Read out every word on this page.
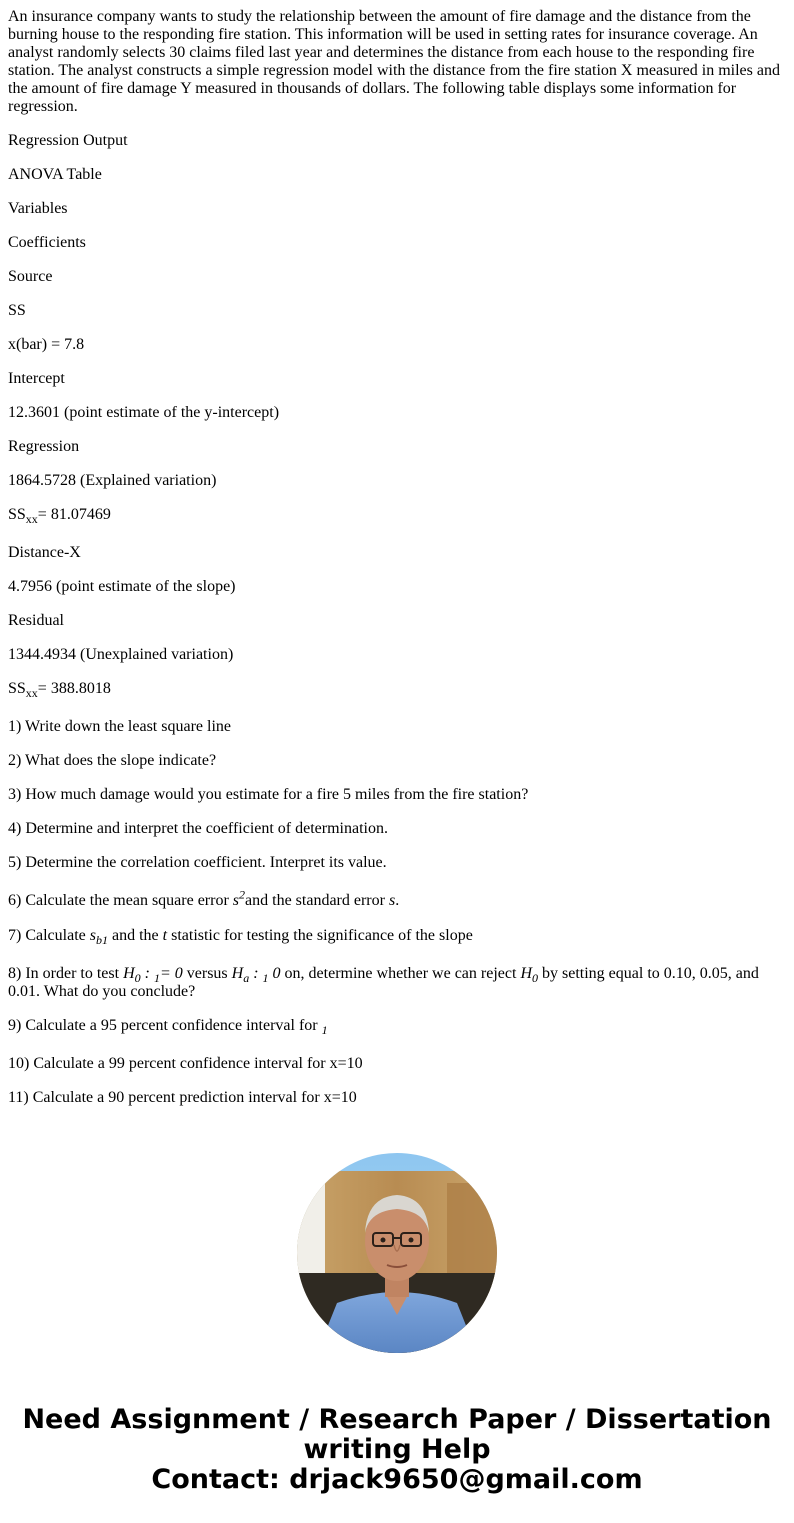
An insurance company wants to study the relationship between the amount of fire damage and the distance from the burning house to the responding fire station. This information will be used in setting rates for insurance coverage. An analyst randomly selects 30 claims filed last year and determines the distance from each house to the responding fire station. The analyst constructs a simple regression model with the distance from the fire station X measured in miles and the amount of fire damage Y measured in thousands of dollars. The following table displays some information for regression.

Regression Output

ANOVA Table

Variables

Coefficients

Source

SS

x(bar) = 7.8

Intercept

12.3601 (point estimate of the y-intercept)

Regression

1864.5728 (Explained variation)

$SS_{xx}= 81.07469$

Distance-X

4.7956 (point estimate of the slope)

Residual

1344.4934 (Unexplained variation)

$SS_{xx}= 388.8018$

1) Write down the least square line

2) What does the slope indicate?

3) How much damage would you estimate for a fire 5 miles from the fire station?

4) Determine and interpret the coefficient of determination.

5) Determine the correlation coefficient. Interpret its value.

6) Calculate the mean square error $s^2and$ the standard error s.

7) Calculate $s_{b1}$ and the t statistic for testing the significance of the slope

8) In order to test $H_0$ : $_1$= 0 versus $H_a$ : $_1$ 0 on, determine whether we can reject $H_0$ by setting equal to 0.10, 0.05, and 0.01. What do you conclude?

9) Calculate a 95 percent confidence interval for $_1$

10) Calculate a 99 percent confidence interval for x=10

11) Calculate a 90 percent prediction interval for x=10

Need Assignment / Research Paper / Dissertation
writing Help
Contact: drjack9650@gmail.com
